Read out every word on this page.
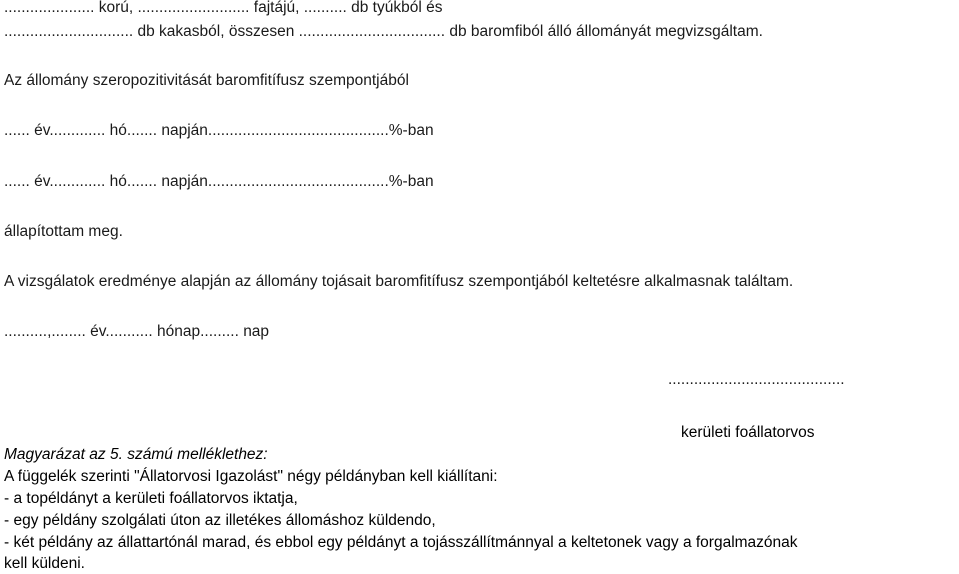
..................... korú, .......................... fajtájú, .......... db tyúkból és
.............................. db kakasból, összesen .................................. db baromfiból álló állományát megvizsgáltam.
Az állomány szeropozitivitását baromfitífusz szempontjából
...... év............. hó....... napján..........................................%-ban
...... év............. hó....... napján..........................................%-ban
állapítottam meg.
A vizsgálatok eredménye alapján az állomány tojásait baromfitífusz szempontjából keltetésre alkalmasnak találtam.
..........,........ év........... hónap......... nap
.........................................
kerületi foállatorvos
Magyarázat az 5. számú melléklethez:
A függelék szerinti "Állatorvosi Igazolást" négy példányban kell kiállítani:
- a topéldányt a kerületi foállatorvos iktatja,
- egy példány szolgálati úton az illetékes állomáshoz küldendo,
- két példány az állattartónál marad, és ebbol egy példányt a tojásszállítmánnyal a keltetonek vagy a forgalmazónak
kell küldeni.
